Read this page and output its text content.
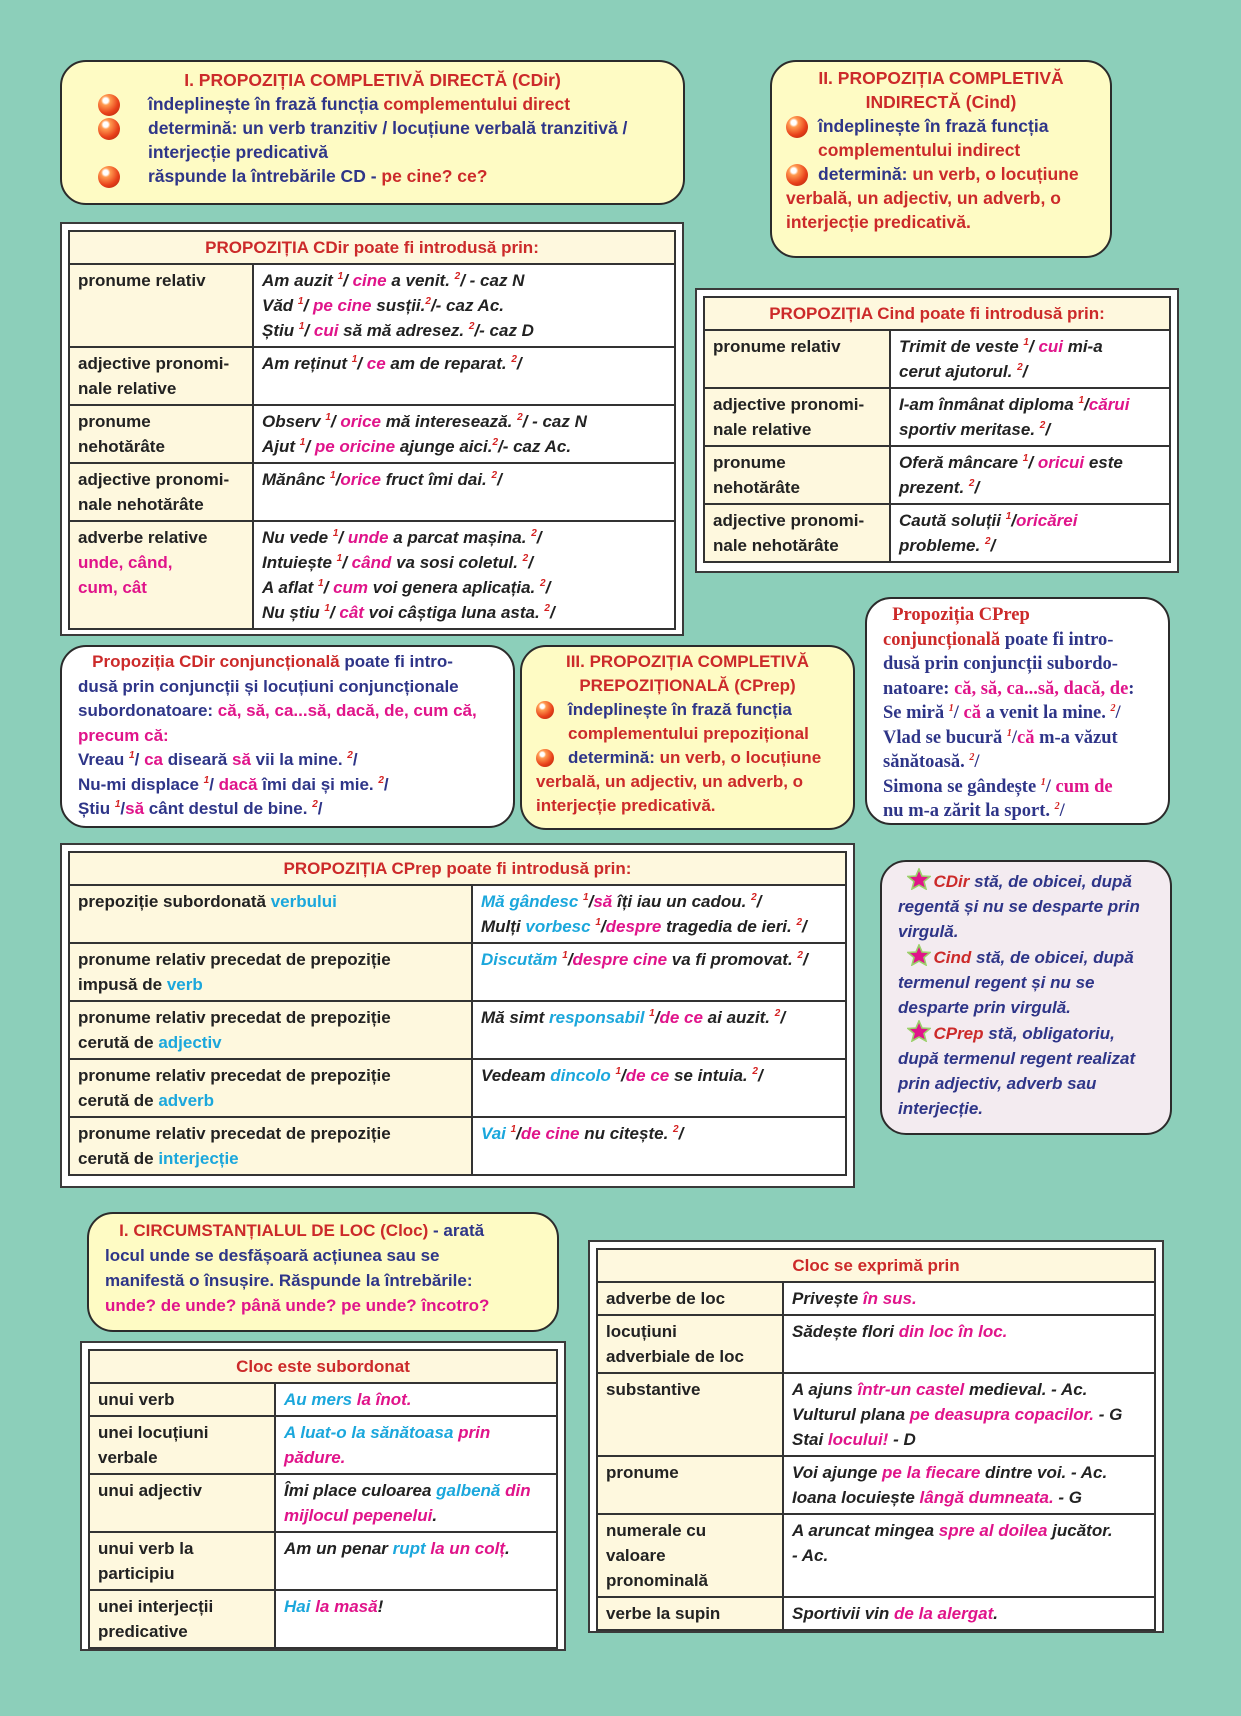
I. PROPOZIȚIA COMPLETIVĂ DIRECTĂ (CDir)

îndeplinește în frază funcția complementului direct
determină: un verb tranzitiv / locuțiune verbală tranzitivă /
interjecție predicativă
răspunde la întrebările CD - pe cine? ce?

II. PROPOZIȚIA COMPLETIVĂ

INDIRECTĂ (Cind)

îndeplinește în frază funcția
complementului indirect
determină: un verb, o locuțiune

verbală, un adjectiv, un adverb, o

interjecție predicativă.

PROPOZIȚIA CDir poate fi introdusă prin:	
pronume relativ	Am auzit $^1$/ cine a venit. $^2$/ - caz N
Văd $^1$/ pe cine susții.$^2$/- caz Ac.
Știu $^1$/ cui să mă adresez. $^2$/- caz D
adjective pronomi-
nale relative	Am reținut $^1$/ ce am de reparat. $^2$/
pronume
nehotărâte	Observ $^1$/ orice mă interesează. $^2$/ - caz N
Ajut $^1$/ pe oricine ajunge aici.$^2$/- caz Ac.
adjective pronomi-
nale nehotărâte	Mănânc $^1$/orice fruct îmi dai. $^2$/
adverbe relative
unde, când,
cum, cât	Nu vede $^1$/ unde a parcat mașina. $^2$/
Intuiește $^1$/ când va sosi coletul. $^2$/
A aflat $^1$/ cum voi genera aplicația. $^2$/
Nu știu $^1$/ cât voi câștiga luna asta. $^2$/
PROPOZIȚIA Cind poate fi introdusă prin:	
pronume relativ	Trimit de veste $^1$/ cui mi-a
cerut ajutorul. $^2$/
adjective pronomi-
nale relative	I-am înmânat diploma $^1$/cărui
sportiv meritase. $^2$/
pronume
nehotărâte	Oferă mâncare $^1$/ oricui este
prezent. $^2$/
adjective pronomi-
nale nehotărâte	Caută soluții $^1$/oricărei
probleme. $^2$/

Propoziția CDir conjuncțională poate fi intro-

dusă prin conjuncții și locuțiuni conjuncționale

subordonatoare: că, să, ca...să, dacă, de, cum că,

precum că:

Vreau $^1$/ ca diseară să vii la mine. $^2$/

Nu-mi displace $^1$/ dacă îmi dai și mie. $^2$/

Știu $^1$/să cânt destul de bine. $^2$/

III. PROPOZIȚIA COMPLETIVĂ

PREPOZIȚIONALĂ (CPrep)

îndeplinește în frază funcția
complementului prepozițional
determină: un verb, o locuțiune

verbală, un adjectiv, un adverb, o

interjecție predicativă.

Propoziția CPrep

conjuncțională poate fi intro-

dusă prin conjuncții subordo-

natoare: că, să, ca...să, dacă, de:

Se miră $^1$/ că a venit la mine. $^2$/

Vlad se bucură $^1$/că m-a văzut

sănătoasă. $^2$/

Simona se gândește $^1$/ cum de

nu m-a zărit la sport. $^2$/

PROPOZIȚIA CPrep poate fi introdusă prin:	
prepoziție subordonată verbului	Mă gândesc $^1$/să îți iau un cadou. $^2$/
Mulți vorbesc $^1$/despre tragedia de ieri. $^2$/
pronume relativ precedat de prepoziție
impusă de verb	Discutăm $^1$/despre cine va fi promovat. $^2$/
pronume relativ precedat de prepoziție
cerută de adjectiv	Mă simt responsabil $^1$/de ce ai auzit. $^2$/
pronume relativ precedat de prepoziție
cerută de adverb	Vedeam dincolo $^1$/de ce se intuia. $^2$/
pronume relativ precedat de prepoziție
cerută de interjecție	Vai $^1$/de cine nu citește. $^2$/

CDir stă, de obicei, după
regentă și nu se desparte prin
virgulă.

Cind stă, de obicei, după
termenul regent și nu se
desparte prin virgulă.

CPrep stă, obligatoriu,
după termenul regent realizat
prin adjectiv, adverb sau
interjecție.

I. CIRCUMSTANȚIALUL DE LOC (Cloc) - arată

locul unde se desfășoară acțiunea sau se

manifestă o însușire. Răspunde la întrebările:

unde? de unde? până unde? pe unde? încotro?

Cloc este subordonat	
unui verb	Au mers la înot.
unei locuțiuni
verbale	A luat-o la sănătoasa prin
pădure.
unui adjectiv	Îmi place culoarea galbenă din
mijlocul pepenelui.
unui verb la
participiu	Am un penar rupt la un colț.
unei interjecții
predicative	Hai la masă!
Cloc se exprimă prin	
adverbe de loc	Privește în sus.
locuțiuni
adverbiale de loc	Sădește flori din loc în loc.
substantive	A ajuns într-un castel medieval. - Ac.
Vulturul plana pe deasupra copacilor. - G
Stai locului! - D
pronume	Voi ajunge pe la fiecare dintre voi. - Ac.
Ioana locuiește lângă dumneata. - G
numerale cu
valoare
pronominală	A aruncat mingea spre al doilea jucător.
- Ac.
verbe la supin	Sportivii vin de la alergat.
